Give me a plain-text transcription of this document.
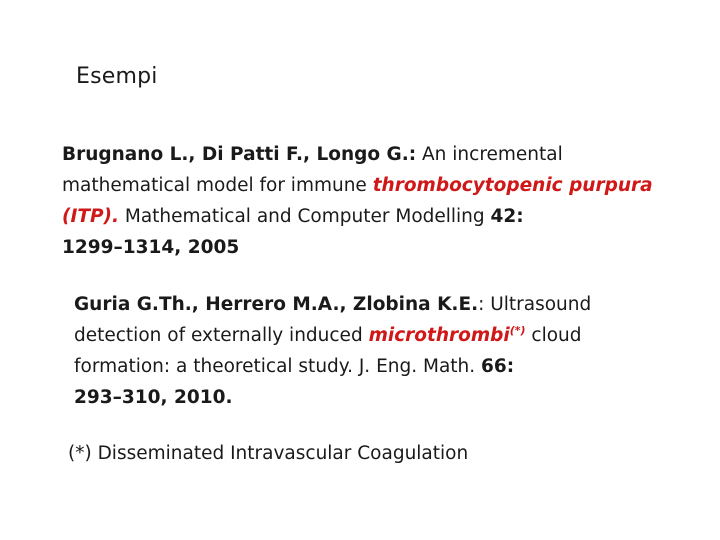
Esempi
Brugnano L., Di Patti F., Longo G.: An incremental mathematical model for immune thrombocytopenic purpura (ITP). Mathematical and Computer Modelling 42:
1299–1314, 2005
Guria G.Th., Herrero M.A., Zlobina K.E.: Ultrasound detection of externally induced microthrombi(*) cloud formation: a theoretical study. J. Eng. Math. 66:
293–310, 2010.
(*) Disseminated Intravascular Coagulation
